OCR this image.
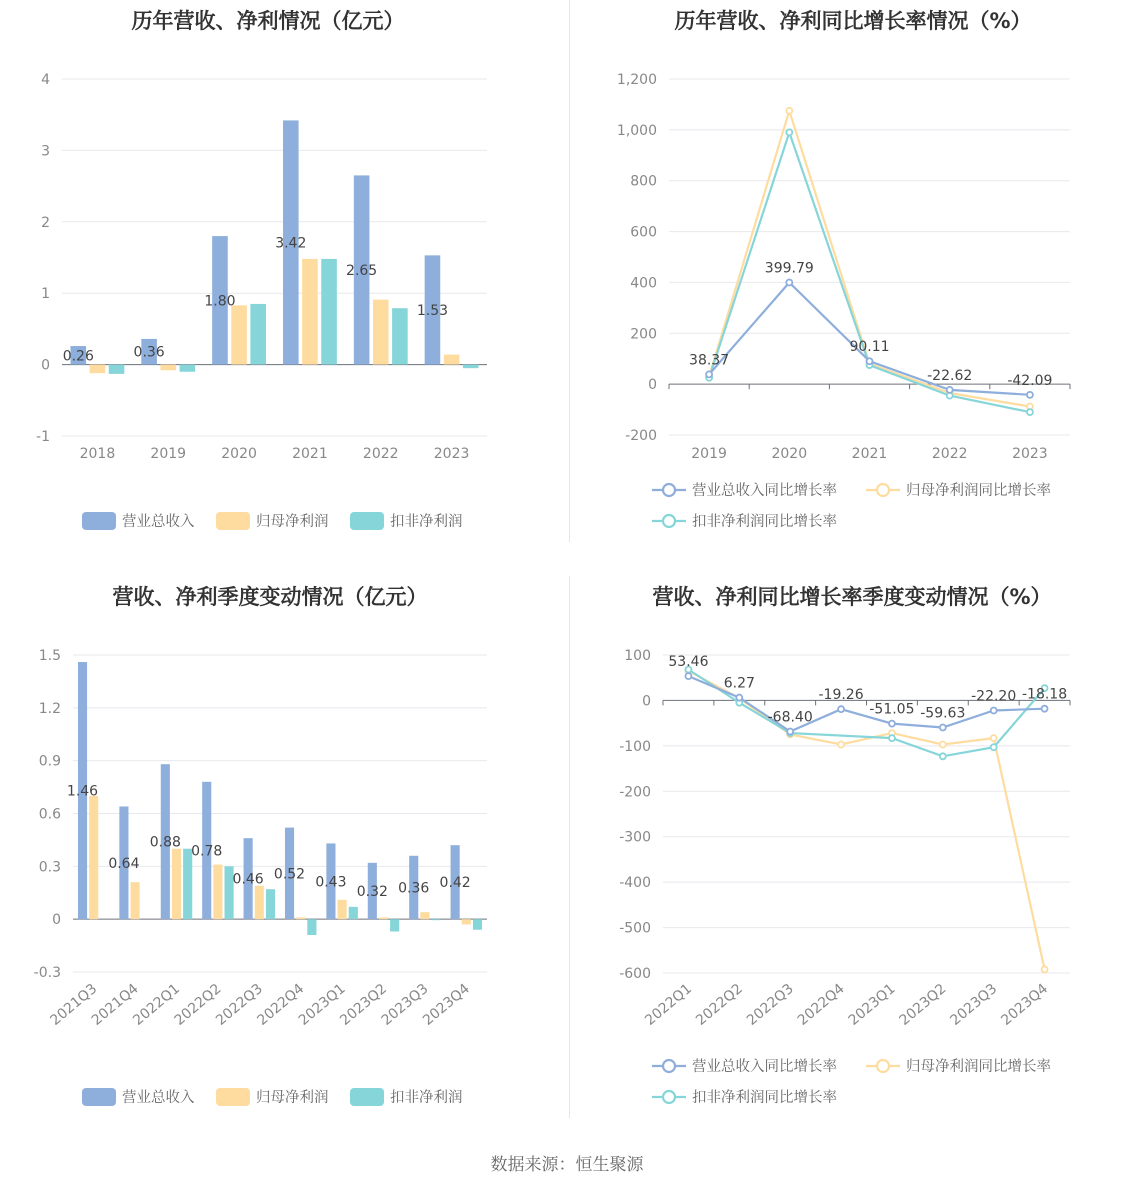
历年营收、净利情况（亿元）
-1
0
1
2
3
4
2018	2019	2020	2021	2022	2023
0.26	0.36
1.80
3.42
2.65
1.53
营业总收入	归母净利润	扣非净利润
历年营收、净利同比增长率情况（%）
-200
0
200
400
600
800
1,000
1,200
2019	2020	2021	2022	2023
38.37
399.79
90.11
-22.62	-42.09
营业总收入同比增长率	归母净利润同比增长率
扣非净利润同比增长率
营收、净利季度变动情况（亿元）
-0.3
0
0.3
0.6
0.9
1.2
1.5
2021Q3
2021Q4
2022Q1
2022Q2
2022Q3
2022Q4
2023Q1
2023Q2
2023Q3
2023Q4
1.46
0.64
0.88
0.78
0.46 0.52 0.43
0.32 0.36 0.42
营业总收入	归母净利润	扣非净利润
营收、净利同比增长率季度变动情况（%）
-600
-500
-400
-300
-200
-100
0
100
2022Q1
2022Q2
2022Q3
2022Q4
2023Q1
2023Q2
2023Q3
2023Q4
53.46
6.27
-68.40
-19.26
-51.05 -59.63
-22.20 -18.18
营业总收入同比增长率	归母净利润同比增长率
扣非净利润同比增长率
数据来源：恒生聚源
